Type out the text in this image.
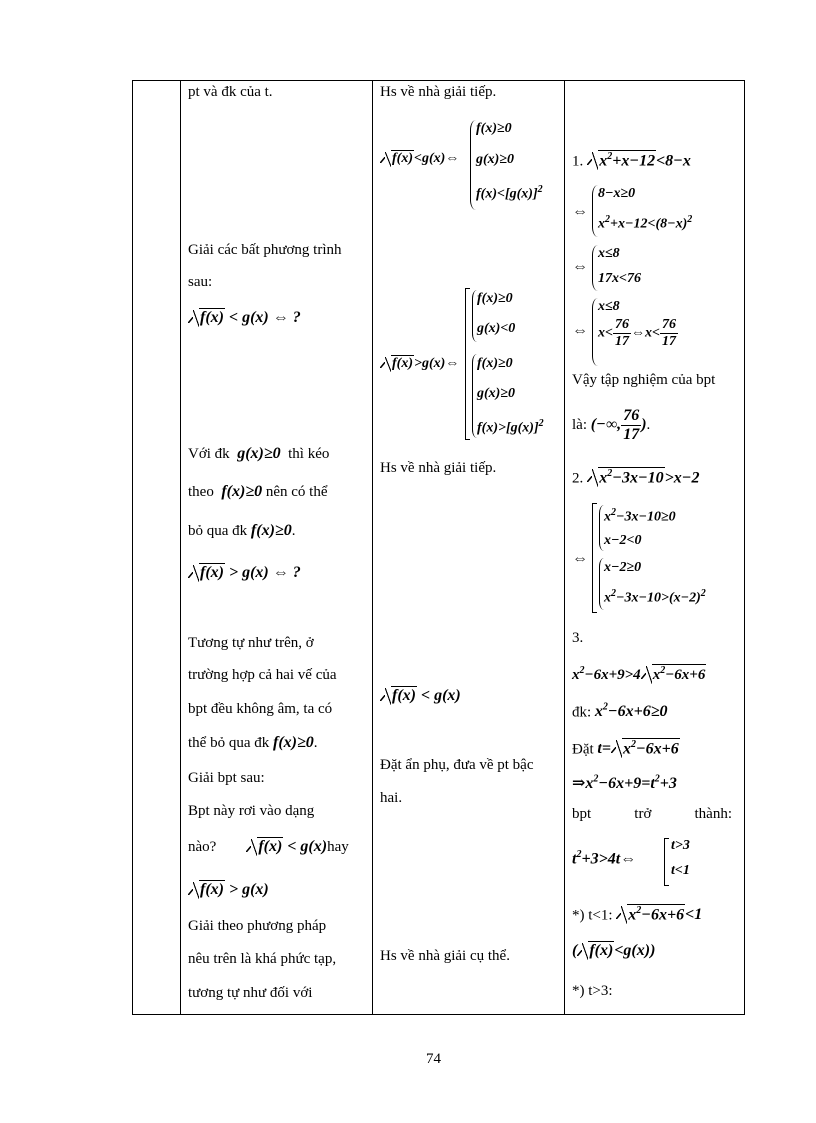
pt và đk của t.
Giải các bất phương trình
sau:
f(x) < g(x) ⇔ ?
Với đk g(x)≥0 thì kéo
theo f(x)≥0 nên có thể
bỏ qua đk f(x)≥0.
f(x) > g(x) ⇔ ?
Tương tự như trên, ở
trường hợp cả hai vế của
bpt đều không âm, ta có
thể bỏ qua đk f(x)≥0.
Giải bpt sau:
Bpt này rơi vào dạng
nào?	f(x) < g(x)hay
f(x) > g(x)
Giải theo phương pháp
nêu trên là khá phức tạp,
tương tự như đối với
Hs về nhà giải tiếp.
f(x)<g(x)⇔
f(x)≥0
g(x)≥0
$f(x)<[g(x)]^2$
f(x)>g(x)⇔
f(x)≥0
g(x)<0
f(x)≥0
g(x)≥0
$f(x)>[g(x)]^2$
Hs về nhà giải tiếp.
f(x) < g(x)
Đặt ẩn phụ, đưa về pt bậc
hai.
Hs về nhà giải cụ thể.
1. $x^2+x-12<8-x$
⇔
8−x≥0
$x^2+x-12<(8-x)^2$
⇔
x≤8
17x<76
⇔
x≤8
$x< \frac{76}{17}$ ⇔x< $\frac{76}{17}$
Vậy tập nghiệm của bpt
là: (−∞, $\frac{76}{17}$ ).
2. $x^2-3x-10>x-2$
⇔
$x^2-3x-10\ge 0$
x−2<0
x−2≥0
$x^2-3x-10>(x-2)^2$
3.
$x^2-6x+9>4$ $x^2-6x+6$
đk: $x^2-6x+6\ge 0$
Đặt $t= x^2-6x+6$
$\Rightarrow x^2-6x+9=t^2+3$
bpt	trở	thành:
$t^2+3>4t\Leftrightarrow$
t>3
t<1
*) t<1: $x^2-6x+6<1$
( f(x)<g(x))
*) t>3:
74
